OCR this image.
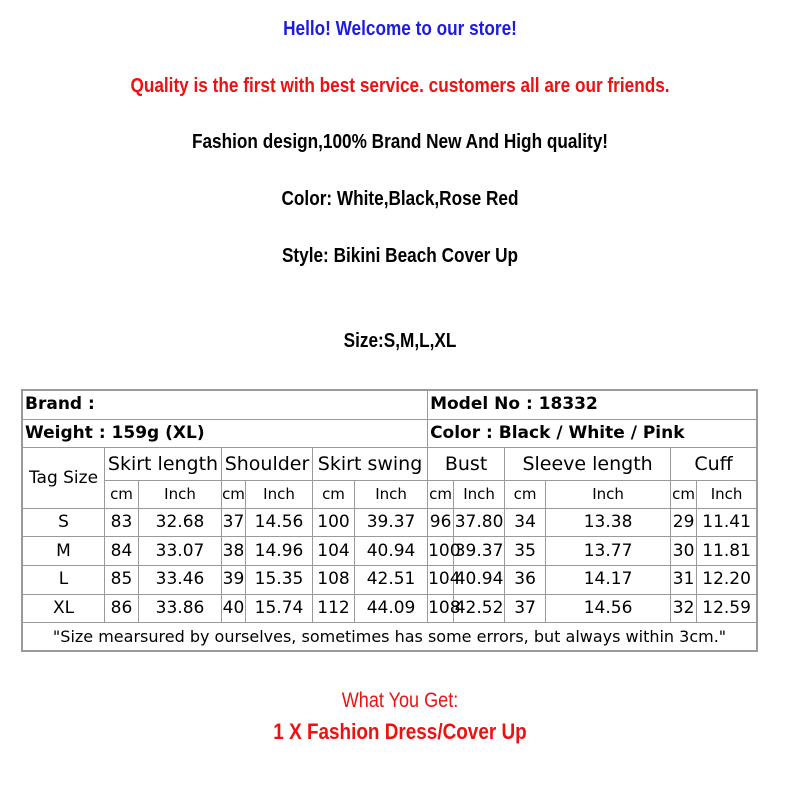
Hello! Welcome to our store!
Quality is the first with best service. customers all are our friends.
Fashion design,100% Brand New And High quality!
Color: White,Black,Rose Red
Style: Bikini Beach Cover Up
Size:S,M,L,XL
Brand :							Model No : 18332					
Weight : 159g (XL)							Color : Black / White / Pink					
Tag Size	Skirt length		Shoulder		Skirt swing		Bust		Sleeve length		Cuff	
	cm	Inch	cm	Inch	cm	Inch	cm	Inch	cm	Inch	cm	Inch
S	83	32.68	37	14.56	100	39.37	96	37.80	34	13.38	29	11.41
M	84	33.07	38	14.96	104	40.94	100	39.37	35	13.77	30	11.81
L	85	33.46	39	15.35	108	42.51	104	40.94	36	14.17	31	12.20
XL	86	33.86	40	15.74	112	44.09	108	42.52	37	14.56	32	12.59
"Size mearsured by ourselves, sometimes has some errors, but always within 3cm."												
What You Get:
1 X Fashion Dress/Cover Up
